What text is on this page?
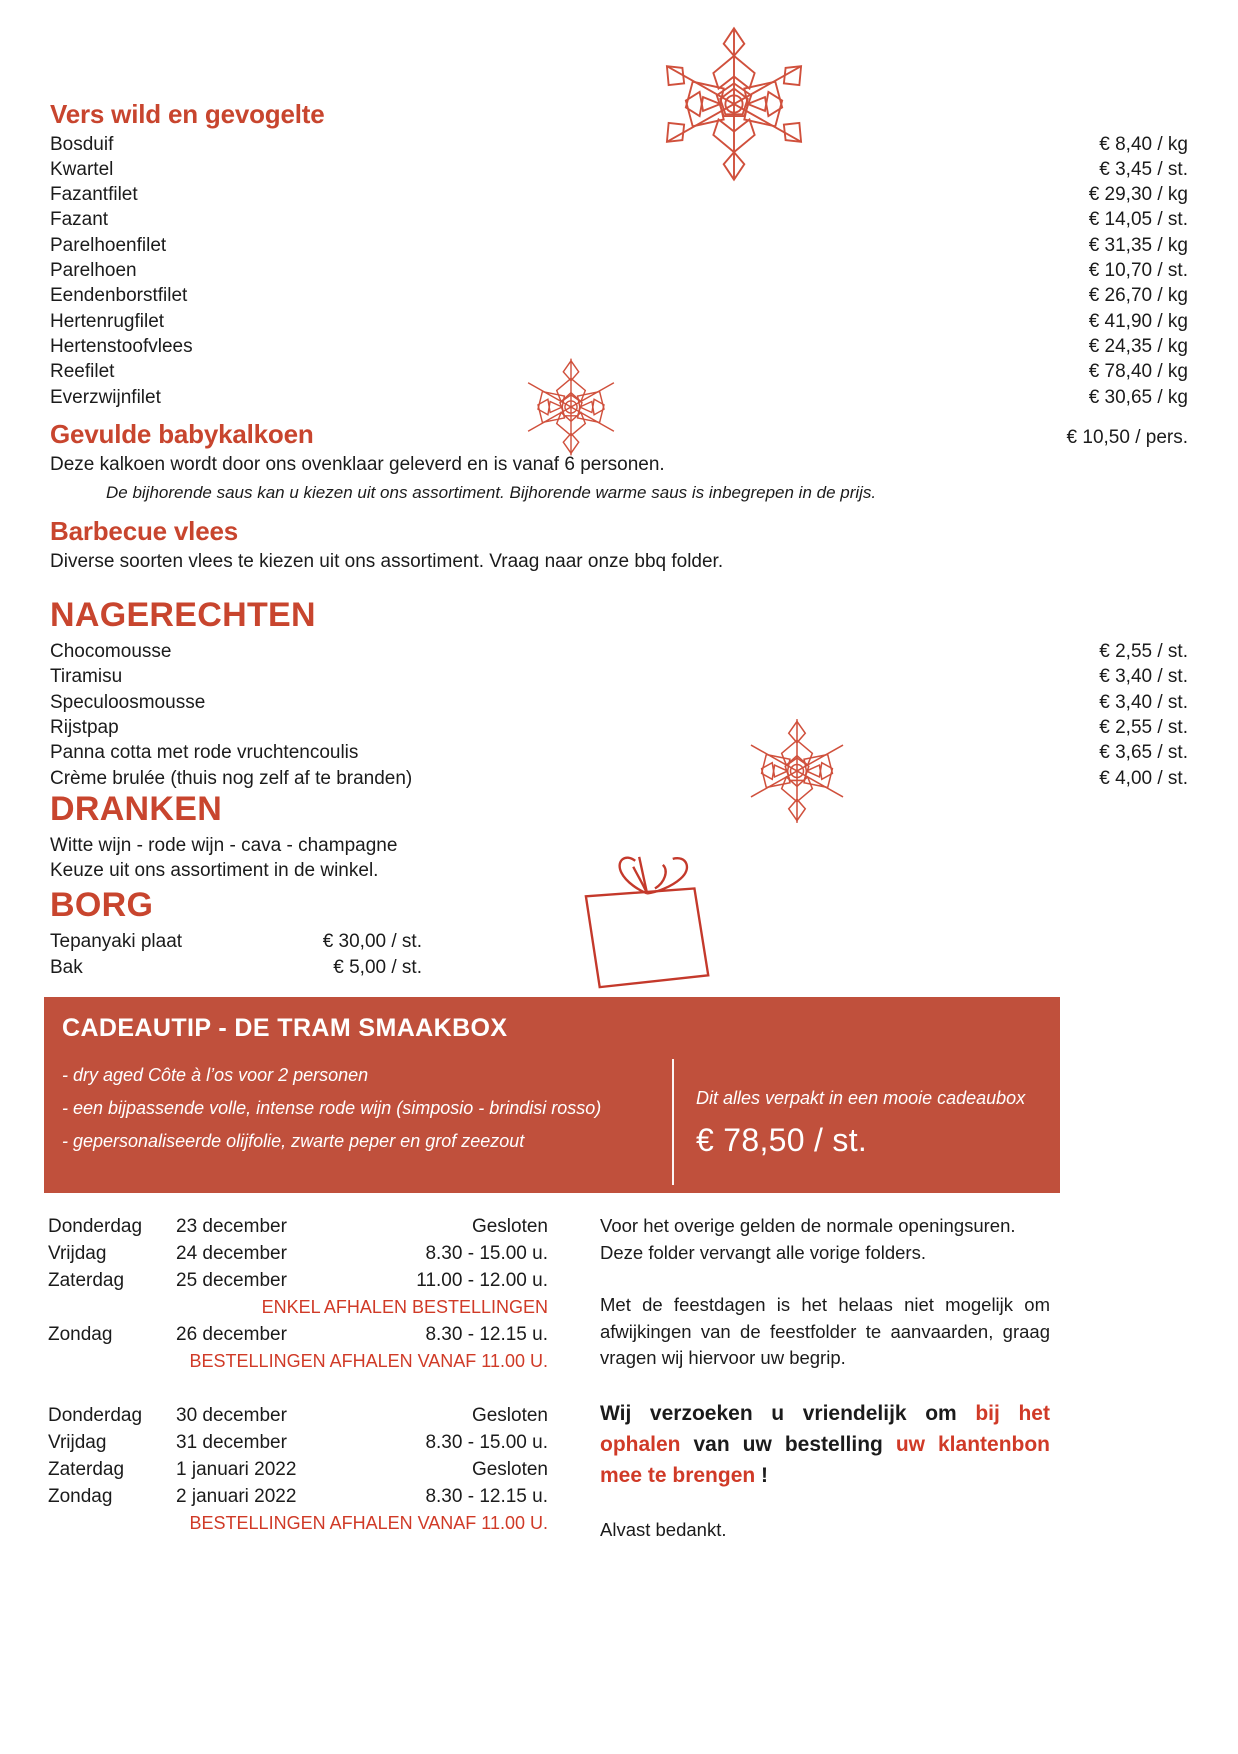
Vers wild en gevogelte
Bosduif	€ 8,40 / kg
Kwartel	€ 3,45 / st.
Fazantfilet	€ 29,30 / kg
Fazant	€ 14,05 / st.
Parelhoenfilet	€ 31,35 / kg
Parelhoen	€ 10,70 / st.
Eendenborstfilet	€ 26,70 / kg
Hertenrugfilet	€ 41,90 / kg
Hertenstoofvlees	€ 24,35 / kg
Reefilet	€ 78,40 / kg
Everzwijnfilet	€ 30,65 / kg
Gevulde babykalkoen	€ 10,50 / pers.
Deze kalkoen wordt door ons ovenklaar geleverd en is vanaf 6 personen.
De bijhorende saus kan u kiezen uit ons assortiment. Bijhorende warme saus is inbegrepen in de prijs.
Barbecue vlees
Diverse soorten vlees te kiezen uit ons assortiment. Vraag naar onze bbq folder.
NAGERECHTEN
Chocomousse	€ 2,55 / st.
Tiramisu	€ 3,40 / st.
Speculoosmousse	€ 3,40 / st.
Rijstpap	€ 2,55 / st.
Panna cotta met rode vruchtencoulis	€ 3,65 / st.
Crème brulée (thuis nog zelf af te branden)	€ 4,00 / st.
DRANKEN
Witte wijn - rode wijn - cava - champagne
Keuze uit ons assortiment in de winkel.
BORG
Tepanyaki plaat	€ 30,00 / st.
Bak	€ 5,00 / st.
CADEAUTIP - DE TRAM SMAAKBOX
- dry aged Côte à l’os voor 2 personen
- een bijpassende volle, intense rode wijn (simposio - brindisi rosso)
- gepersonaliseerde olijfolie, zwarte peper en grof zeezout
Dit alles verpakt in een mooie cadeaubox
€ 78,50 / st.
Donderdag	23 december	Gesloten
Vrijdag	24 december	8.30 - 15.00 u.
Zaterdag	25 december	11.00 - 12.00 u.
ENKEL AFHALEN BESTELLINGEN
Zondag	26 december	8.30 - 12.15 u.
BESTELLINGEN AFHALEN VANAF 11.00 U.
Donderdag	30 december	Gesloten
Vrijdag	31 december	8.30 - 15.00 u.
Zaterdag	1 januari 2022	Gesloten
Zondag	2 januari 2022	8.30 - 12.15 u.
BESTELLINGEN AFHALEN VANAF 11.00 U.
Voor het overige gelden de normale openingsuren.
Deze folder vervangt alle vorige folders.
Met de feestdagen is het helaas niet mogelijk om afwijkingen van de feestfolder te aanvaarden, graag vragen wij hiervoor uw begrip.
Wij verzoeken u vriendelijk om bij het ophalen van uw bestelling uw klantenbon mee te brengen !
Alvast bedankt.
